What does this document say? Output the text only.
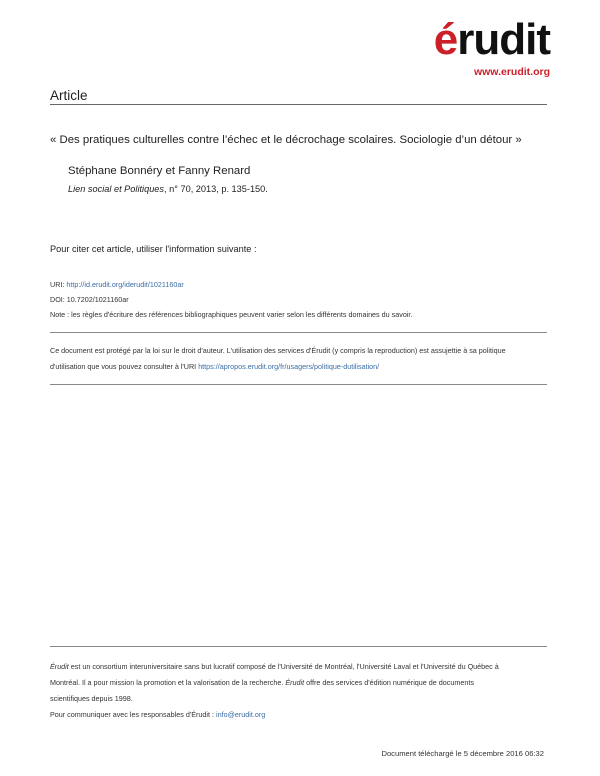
érudit
www.erudit.org
Article
« Des pratiques culturelles contre l’échec et le décrochage scolaires. Sociologie d’un détour »
Stéphane Bonnéry et Fanny Renard
Lien social et Politiques, n° 70, 2013, p. 135-150.
Pour citer cet article, utiliser l'information suivante :
URI: http://id.erudit.org/iderudit/1021160ar
DOI: 10.7202/1021160ar
Note : les règles d'écriture des références bibliographiques peuvent varier selon les différents domaines du savoir.
Ce document est protégé par la loi sur le droit d'auteur. L'utilisation des services d'Érudit (y compris la reproduction) est assujettie à sa politique
d'utilisation que vous pouvez consulter à l'URI https://apropos.erudit.org/fr/usagers/politique-dutilisation/
Érudit est un consortium interuniversitaire sans but lucratif composé de l'Université de Montréal, l'Université Laval et l'Université du Québec à
Montréal. Il a pour mission la promotion et la valorisation de la recherche. Érudit offre des services d'édition numérique de documents
scientifiques depuis 1998.
Pour communiquer avec les responsables d'Érudit : info@erudit.org
Document téléchargé le 5 décembre 2016 06:32
